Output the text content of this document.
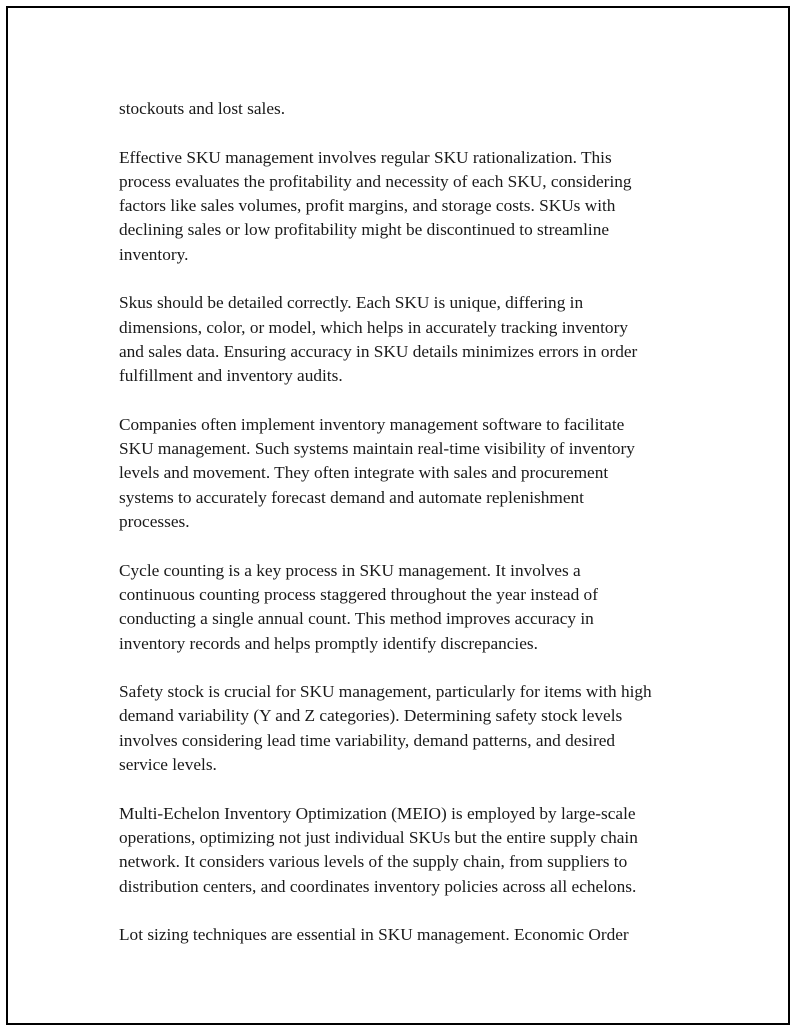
stockouts and lost sales.

Effective SKU management involves regular SKU rationalization. This
process evaluates the profitability and necessity of each SKU, considering
factors like sales volumes, profit margins, and storage costs. SKUs with
declining sales or low profitability might be discontinued to streamline
inventory.

Skus should be detailed correctly. Each SKU is unique, differing in
dimensions, color, or model, which helps in accurately tracking inventory
and sales data. Ensuring accuracy in SKU details minimizes errors in order
fulfillment and inventory audits.

Companies often implement inventory management software to facilitate
SKU management. Such systems maintain real-time visibility of inventory
levels and movement. They often integrate with sales and procurement
systems to accurately forecast demand and automate replenishment
processes.

Cycle counting is a key process in SKU management. It involves a
continuous counting process staggered throughout the year instead of
conducting a single annual count. This method improves accuracy in
inventory records and helps promptly identify discrepancies.

Safety stock is crucial for SKU management, particularly for items with high
demand variability (Y and Z categories). Determining safety stock levels
involves considering lead time variability, demand patterns, and desired
service levels.

Multi-Echelon Inventory Optimization (MEIO) is employed by large-scale
operations, optimizing not just individual SKUs but the entire supply chain
network. It considers various levels of the supply chain, from suppliers to
distribution centers, and coordinates inventory policies across all echelons.

Lot sizing techniques are essential in SKU management. Economic Order
